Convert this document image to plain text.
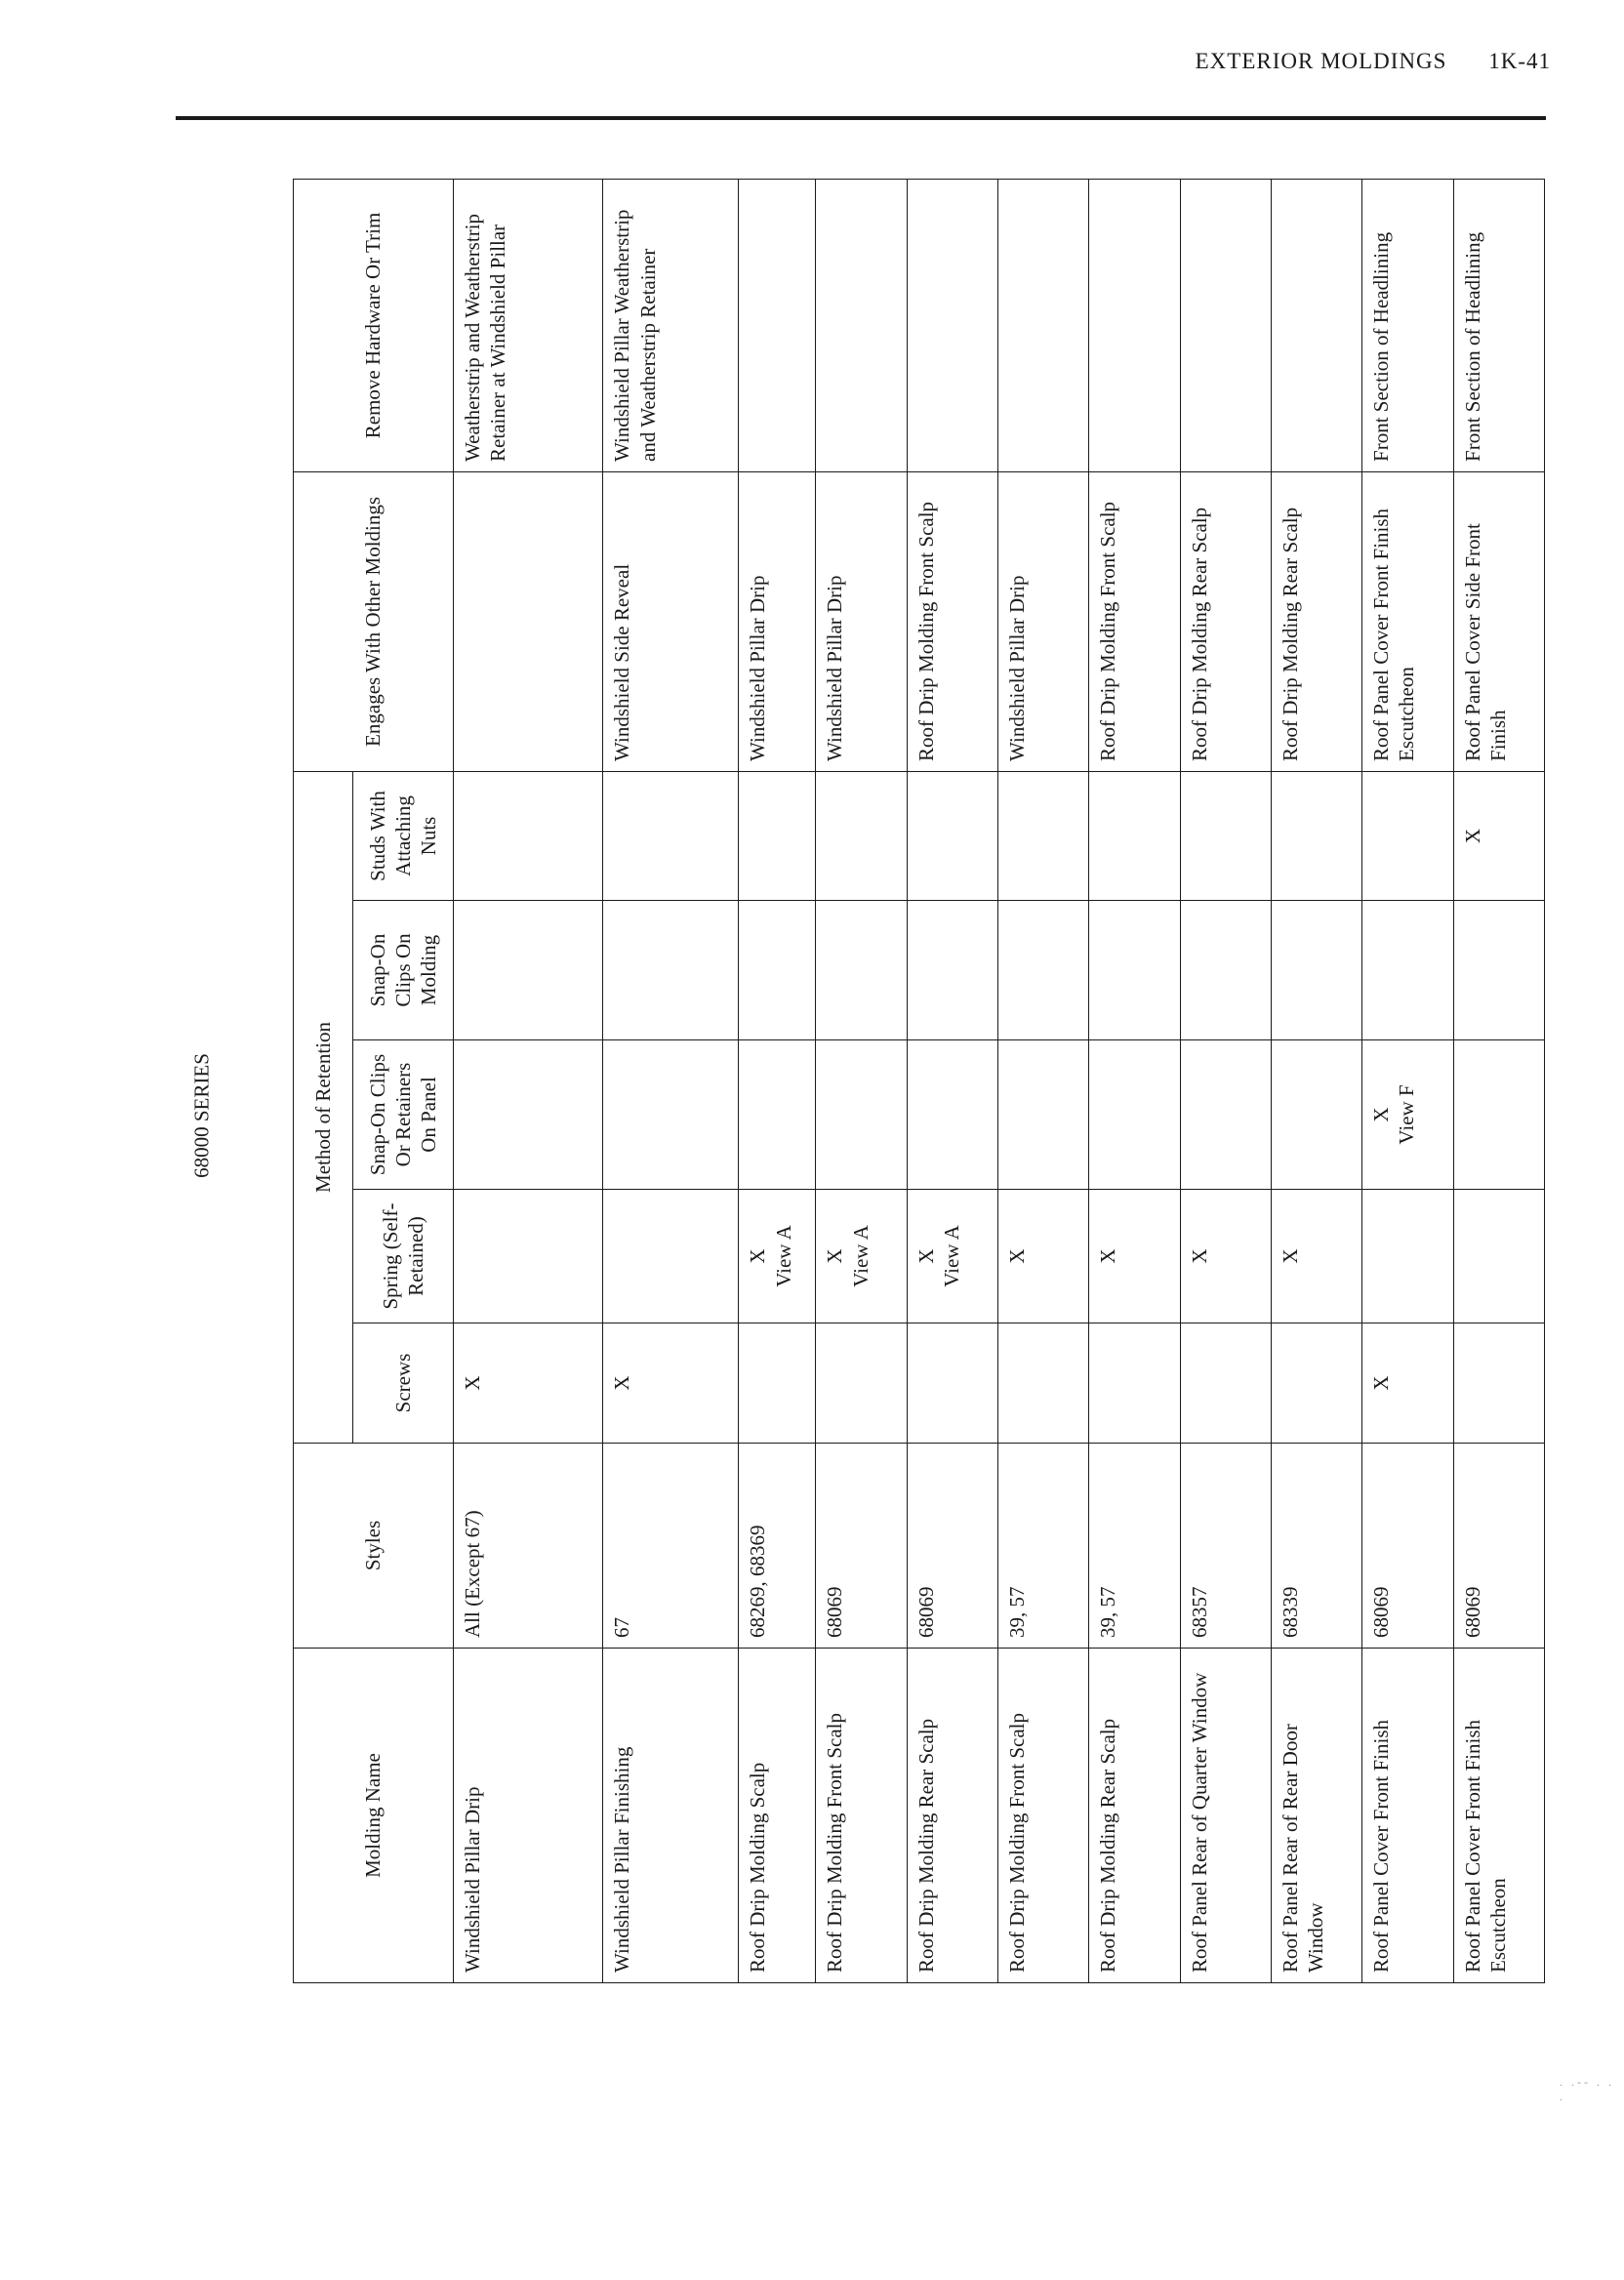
EXTERIOR MOLDINGS 1K-41
68000 SERIES
Molding Name	Styles	Method of Retention					Engages With Other Moldings	Remove Hardware Or Trim
		Screws	Spring (Self-Retained)	Snap-On Clips Or Retainers On Panel	Snap-On Clips On Molding	Studs With Attaching Nuts		
Windshield Pillar Drip	All (Except 67)	X						Weatherstrip and Weatherstrip Retainer at Windshield Pillar
Windshield Pillar Finishing	67	X					Windshield Side Reveal	Windshield Pillar Weatherstrip and Weatherstrip Retainer
Roof Drip Molding Scalp	68269, 68369		X View A				Windshield Pillar Drip	
Roof Drip Molding Front Scalp	68069		X View A				Windshield Pillar Drip	
Roof Drip Molding Rear Scalp	68069		X View A				Roof Drip Molding Front Scalp	
Roof Drip Molding Front Scalp	39, 57		X				Windshield Pillar Drip	
Roof Drip Molding Rear Scalp	39, 57		X				Roof Drip Molding Front Scalp	
Roof Panel Rear of Quarter Window	68357		X				Roof Drip Molding Rear Scalp	
Roof Panel Rear of Rear Door Window	68339		X				Roof Drip Molding Rear Scalp	
Roof Panel Cover Front Finish	68069	X		X View F			Roof Panel Cover Front Finish Escutcheon	Front Section of Headlining
Roof Panel Cover Front Finish Escutcheon	68069					X	Roof Panel Cover Side Front Finish	Front Section of Headlining
. .-- . . .
